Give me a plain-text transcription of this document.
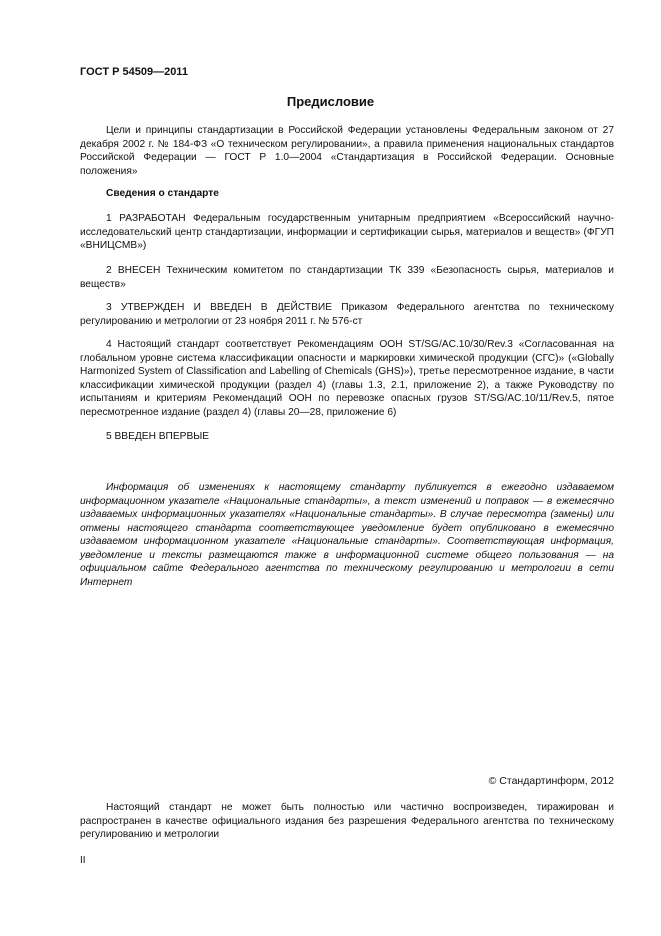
ГОСТ Р 54509—2011
Предисловие

Цели и принципы стандартизации в Российской Федерации установлены Федеральным законом от 27 декабря 2002 г. № 184-ФЗ «О техническом регулировании», а правила применения национальных стандартов Российской Федерации — ГОСТ Р 1.0—2004 «Стандартизация в Российской Федерации. Основные положения»

Сведения о стандарте

1 РАЗРАБОТАН Федеральным государственным унитарным предприятием «Всероссийский научно-исследовательский центр стандартизации, информации и сертификации сырья, материалов и веществ» (ФГУП «ВНИЦСМВ»)

2 ВНЕСЕН Техническим комитетом по стандартизации ТК 339 «Безопасность сырья, материалов и веществ»

3 УТВЕРЖДЕН И ВВЕДЕН В ДЕЙСТВИЕ Приказом Федерального агентства по техническому регулированию и метрологии от 23 ноября 2011 г. № 576-ст

4 Настоящий стандарт соответствует Рекомендациям ООН ST/SG/AC.10/30/Rev.3 «Согласованная на глобальном уровне система классификации опасности и маркировки химической продукции (СГС)» («Globally Harmonized System of Classification and Labelling of Chemicals (GHS)»), третье пересмотренное издание, в части классификации химической продукции (раздел 4) (главы 1.3, 2.1, приложение 2), а также Руководству по испытаниям и критериям Рекомендаций ООН по перевозке опасных грузов ST/SG/AC.10/11/Rev.5, пятое пересмотренное издание (раздел 4) (главы 20—28, приложение 6)

5 ВВЕДЕН ВПЕРВЫЕ

Информация об изменениях к настоящему стандарту публикуется в ежегодно издаваемом информационном указателе «Национальные стандарты», а текст изменений и поправок — в ежемесячно издаваемых информационных указателях «Национальные стандарты». В случае пересмотра (замены) или отмены настоящего стандарта соответствующее уведомление будет опубликовано в ежемесячно издаваемом информационном указателе «Национальные стандарты». Соответствующая информация, уведомление и тексты размещаются также в информационной системе общего пользования — на официальном сайте Федерального агентства по техническому регулированию и метрологии в сети Интернет

© Стандартинформ, 2012

Настоящий стандарт не может быть полностью или частично воспроизведен, тиражирован и распространен в качестве официального издания без разрешения Федерального агентства по техническому регулированию и метрологии

II
